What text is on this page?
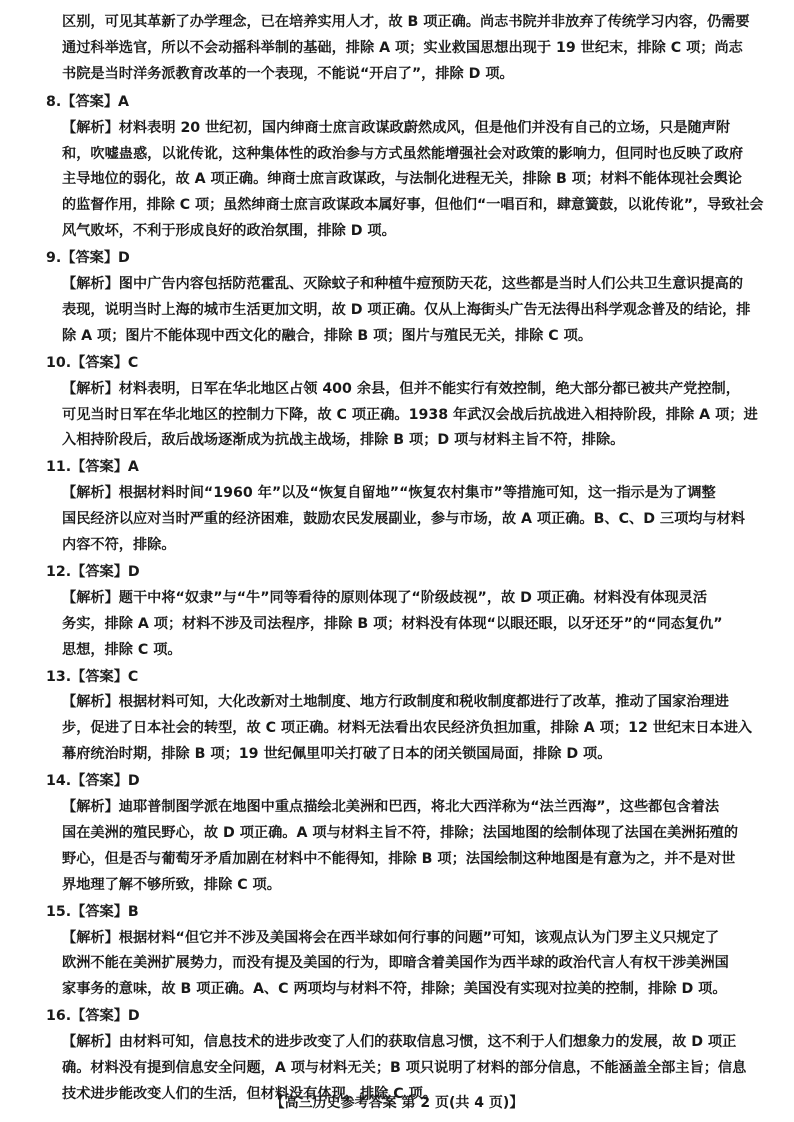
区别，可见其革新了办学理念，已在培养实用人才，故 B 项正确。尚志书院并非放弃了传统学习内容，仍需要
通过科举选官，所以不会动摇科举制的基础，排除 A 项；实业救国思想出现于 19 世纪末，排除 C 项；尚志
书院是当时洋务派教育改革的一个表现，不能说“开启了”，排除 D 项。
8.【答案】A
【解析】材料表明 20 世纪初，国内绅商士庶言政谋政蔚然成风，但是他们并没有自己的立场，只是随声附
和，吹嘘蛊惑，以讹传讹，这种集体性的政治参与方式虽然能增强社会对政策的影响力，但同时也反映了政府
主导地位的弱化，故 A 项正确。绅商士庶言政谋政，与法制化进程无关，排除 B 项；材料不能体现社会舆论
的监督作用，排除 C 项；虽然绅商士庶言政谋政本属好事，但他们“一唱百和，肆意簧鼓，以讹传讹”，导致社会
风气败坏，不利于形成良好的政治氛围，排除 D 项。
9.【答案】D
【解析】图中广告内容包括防范霍乱、灭除蚊子和种植牛痘预防天花，这些都是当时人们公共卫生意识提高的
表现，说明当时上海的城市生活更加文明，故 D 项正确。仅从上海街头广告无法得出科学观念普及的结论，排
除 A 项；图片不能体现中西文化的融合，排除 B 项；图片与殖民无关，排除 C 项。
10.【答案】C
【解析】材料表明，日军在华北地区占领 400 余县，但并不能实行有效控制，绝大部分都已被共产党控制，
可见当时日军在华北地区的控制力下降，故 C 项正确。1938 年武汉会战后抗战进入相持阶段，排除 A 项；进
入相持阶段后，敌后战场逐渐成为抗战主战场，排除 B 项；D 项与材料主旨不符，排除。
11.【答案】A
【解析】根据材料时间“1960 年”以及“恢复自留地”“恢复农村集市”等措施可知，这一指示是为了调整
国民经济以应对当时严重的经济困难，鼓励农民发展副业，参与市场，故 A 项正确。B、C、D 三项均与材料
内容不符，排除。
12.【答案】D
【解析】题干中将“奴隶”与“牛”同等看待的原则体现了“阶级歧视”，故 D 项正确。材料没有体现灵活
务实，排除 A 项；材料不涉及司法程序，排除 B 项；材料没有体现“以眼还眼，以牙还牙”的“同态复仇”
思想，排除 C 项。
13.【答案】C
【解析】根据材料可知，大化改新对土地制度、地方行政制度和税收制度都进行了改革，推动了国家治理进
步，促进了日本社会的转型，故 C 项正确。材料无法看出农民经济负担加重，排除 A 项；12 世纪末日本进入
幕府统治时期，排除 B 项；19 世纪佩里叩关打破了日本的闭关锁国局面，排除 D 项。
14.【答案】D
【解析】迪耶普制图学派在地图中重点描绘北美洲和巴西，将北大西洋称为“法兰西海”，这些都包含着法
国在美洲的殖民野心，故 D 项正确。A 项与材料主旨不符，排除；法国地图的绘制体现了法国在美洲拓殖的
野心，但是否与葡萄牙矛盾加剧在材料中不能得知，排除 B 项；法国绘制这种地图是有意为之，并不是对世
界地理了解不够所致，排除 C 项。
15.【答案】B
【解析】根据材料“但它并不涉及美国将会在西半球如何行事的问题”可知，该观点认为门罗主义只规定了
欧洲不能在美洲扩展势力，而没有提及美国的行为，即暗含着美国作为西半球的政治代言人有权干涉美洲国
家事务的意味，故 B 项正确。A、C 两项均与材料不符，排除；美国没有实现对拉美的控制，排除 D 项。
16.【答案】D
【解析】由材料可知，信息技术的进步改变了人们的获取信息习惯，这不利于人们想象力的发展，故 D 项正
确。材料没有提到信息安全问题，A 项与材料无关；B 项只说明了材料的部分信息，不能涵盖全部主旨；信息
技术进步能改变人们的生活，但材料没有体现，排除 C 项。
【高三历史参考答案 第 2 页(共 4 页)】
